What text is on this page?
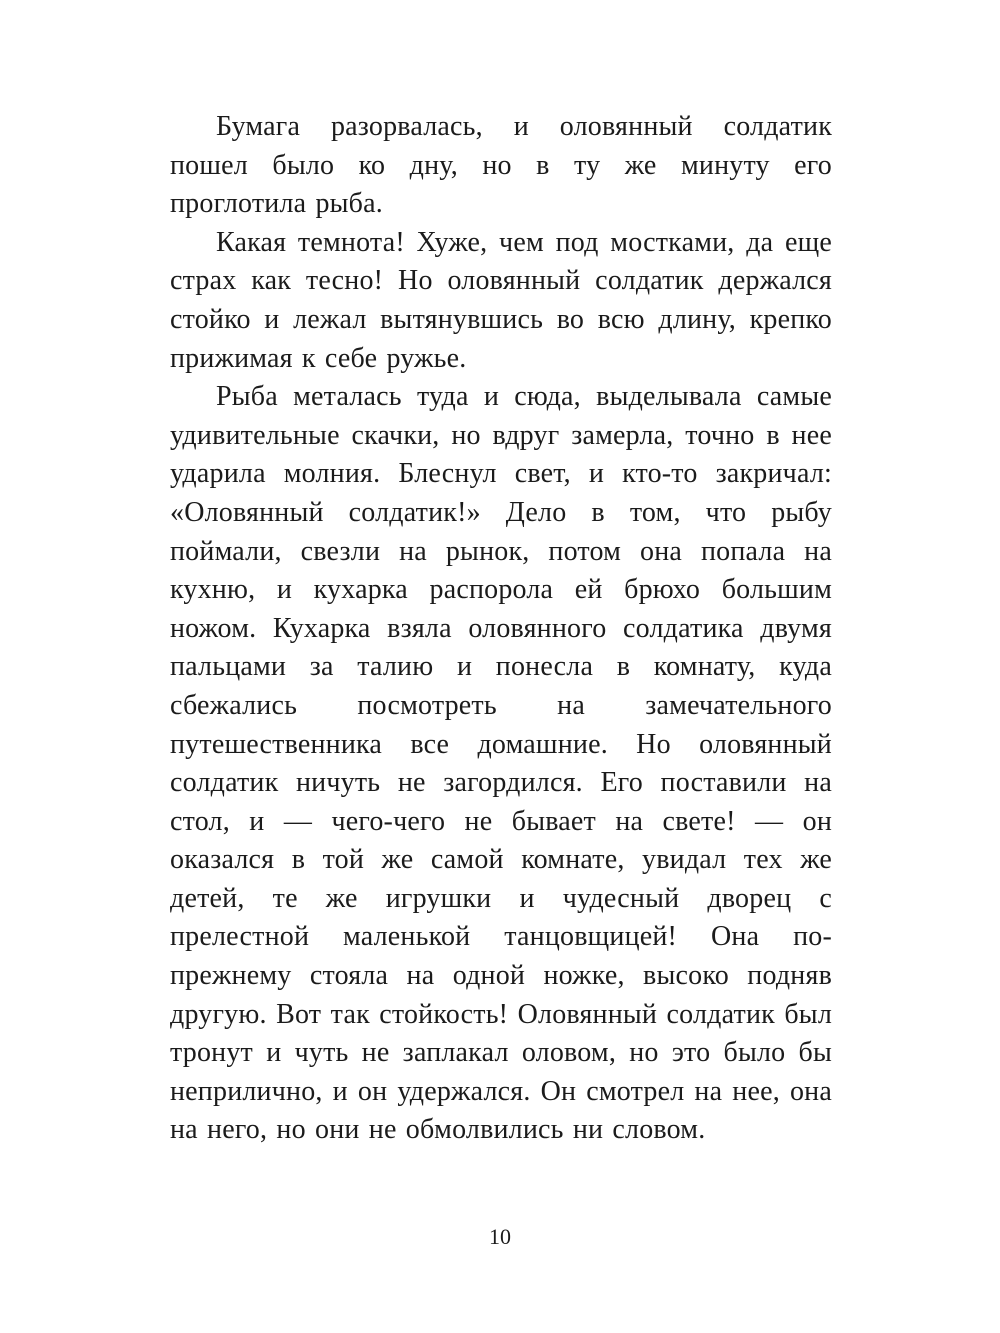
Бумага разорвалась, и оловянный солдатик пошел было ко дну, но в ту же минуту его проглотила рыба.

Какая темнота! Хуже, чем под мостками, да еще страх как тесно! Но оловянный солдатик держался стойко и лежал вытянувшись во всю длину, крепко прижимая к себе ружье.

Рыба металась туда и сюда, выделывала самые удивительные скачки, но вдруг замерла, точно в нее ударила молния. Блеснул свет, и кто-то закричал: «Оловянный солдатик!» Дело в том, что рыбу поймали, свезли на рынок, потом она попала на кухню, и кухарка распорола ей брюхо большим ножом. Кухарка взяла оловянного солдатика двумя пальцами за талию и понесла в комнату, куда сбежались посмотреть на замечательного путешественника все домашние. Но оловянный солдатик ничуть не загордился. Его поставили на стол, и — чего-чего не бывает на свете! — он оказался в той же самой комнате, увидал тех же детей, те же игрушки и чудесный дворец с прелестной маленькой танцовщицей! Она по-прежнему стояла на одной ножке, высоко подняв другую. Вот так стойкость! Оловянный солдатик был тронут и чуть не заплакал оловом, но это было бы неприлично, и он удержался. Он смотрел на нее, она на него, но они не обмолвились ни словом.

10
